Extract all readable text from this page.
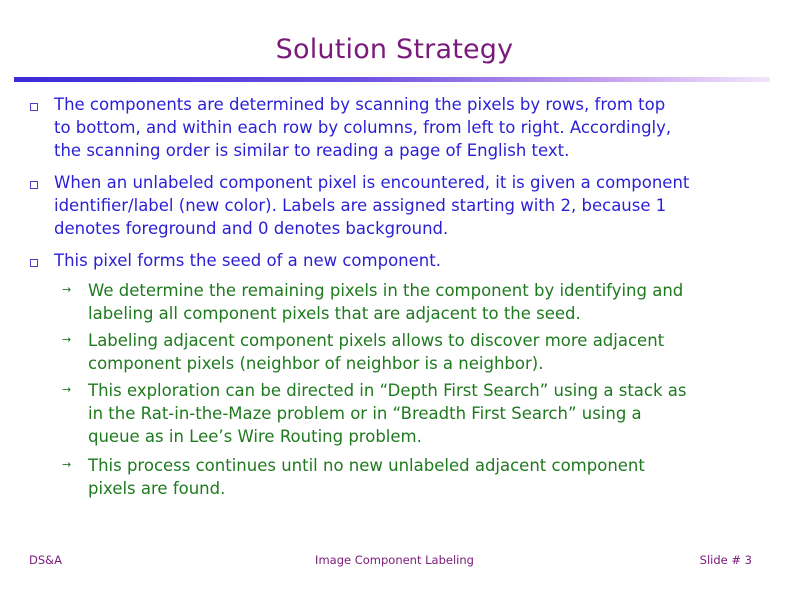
Solution Strategy
The components are determined by scanning the pixels by rows, from top
to bottom, and within each row by columns, from left to right. Accordingly,
the scanning order is similar to reading a page of English text.
When an unlabeled component pixel is encountered, it is given a component
identifier/label (new color). Labels are assigned starting with 2, because 1
denotes foreground and 0 denotes background.
This pixel forms the seed of a new component.
→ We determine the remaining pixels in the component by identifying and
labeling all component pixels that are adjacent to the seed.
→ Labeling adjacent component pixels allows to discover more adjacent
component pixels (neighbor of neighbor is a neighbor).
→ This exploration can be directed in “Depth First Search” using a stack as
in the Rat-in-the-Maze problem or in “Breadth First Search” using a
queue as in Lee’s Wire Routing problem.
→ This process continues until no new unlabeled adjacent component
pixels are found.
DS&A	Image Component Labeling	Slide # 3
